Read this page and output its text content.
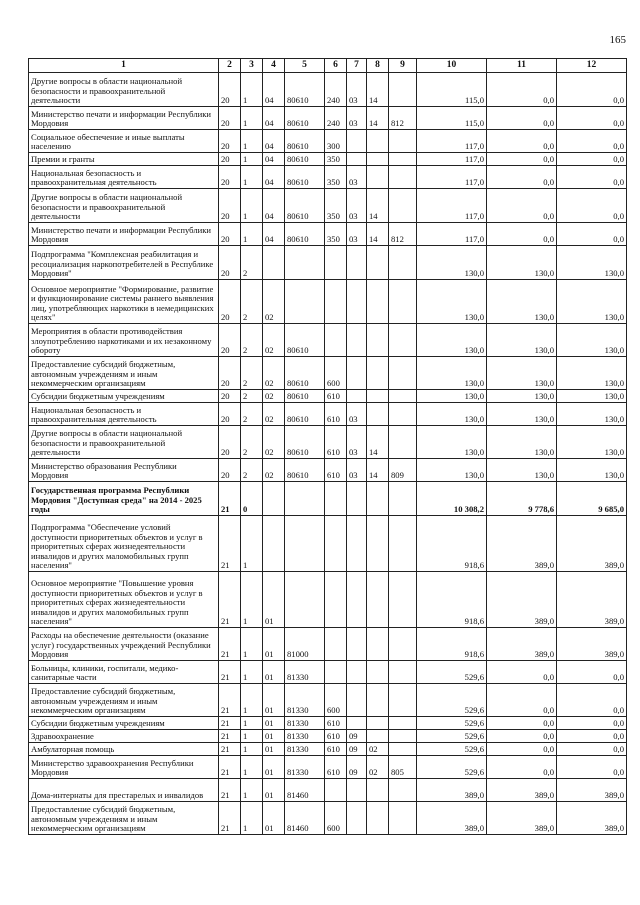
165
1	2	3	4	5	6	7	8	9	10	11	12
Другие вопросы в области национальной безопасности и правоохранительной деятельности	20	1	04	80610	240	03	14		115,0	0,0	0,0
Министерство печати и информации Республики Мордовия	20	1	04	80610	240	03	14	812	115,0	0,0	0,0
Социальное обеспечение и иные выплаты населению	20	1	04	80610	300				117,0	0,0	0,0
Премии и гранты	20	1	04	80610	350				117,0	0,0	0,0
Национальная безопасность и правоохранительная деятельность	20	1	04	80610	350	03			117,0	0,0	0,0
Другие вопросы в области национальной безопасности и правоохранительной деятельности	20	1	04	80610	350	03	14		117,0	0,0	0,0
Министерство печати и информации Республики Мордовия	20	1	04	80610	350	03	14	812	117,0	0,0	0,0
Подпрограмма "Комплексная реабилитация и ресоциализация наркопотребителей в Республике Мордовия"	20	2							130,0	130,0	130,0
Основное мероприятие "Формирование, развитие и функционирование системы раннего выявления лиц, употребляющих наркотики в немедицинских целях"	20	2	02						130,0	130,0	130,0
Мероприятия в области противодействия злоупотреблению наркотиками и их незаконному обороту	20	2	02	80610					130,0	130,0	130,0
Предоставление субсидий бюджетным, автономным учреждениям и иным некоммерческим организациям	20	2	02	80610	600				130,0	130,0	130,0
Субсидии бюджетным учреждениям	20	2	02	80610	610				130,0	130,0	130,0
Национальная безопасность и правоохранительная деятельность	20	2	02	80610	610	03			130,0	130,0	130,0
Другие вопросы в области национальной безопасности и правоохранительной деятельности	20	2	02	80610	610	03	14		130,0	130,0	130,0
Министерство образования Республики Мордовия	20	2	02	80610	610	03	14	809	130,0	130,0	130,0
Государственная программа Республики Мордовия "Доступная среда" на 2014 - 2025 годы	21	0							10 308,2	9 778,6	9 685,0
Подпрограмма "Обеспечение условий доступности приоритетных объектов и услуг в приоритетных сферах жизнедеятельности инвалидов и других маломобильных групп населения"	21	1							918,6	389,0	389,0
Основное мероприятие "Повышение уровня доступности приоритетных объектов и услуг в приоритетных сферах жизнедеятельности инвалидов и других маломобильных групп населения"	21	1	01						918,6	389,0	389,0
Расходы на обеспечение деятельности (оказание услуг) государственных учреждений Республики Мордовия	21	1	01	81000					918,6	389,0	389,0
Больницы, клиники, госпитали, медико-санитарные части	21	1	01	81330					529,6	0,0	0,0
Предоставление субсидий бюджетным, автономным учреждениям и иным некоммерческим организациям	21	1	01	81330	600				529,6	0,0	0,0
Субсидии бюджетным учреждениям	21	1	01	81330	610				529,6	0,0	0,0
Здравоохранение	21	1	01	81330	610	09			529,6	0,0	0,0
Амбулаторная помощь	21	1	01	81330	610	09	02		529,6	0,0	0,0
Министерство здравоохранения Республики Мордовия	21	1	01	81330	610	09	02	805	529,6	0,0	0,0
Дома-интернаты для престарелых и инвалидов	21	1	01	81460					389,0	389,0	389,0
Предоставление субсидий бюджетным, автономным учреждениям и иным некоммерческим организациям	21	1	01	81460	600				389,0	389,0	389,0
